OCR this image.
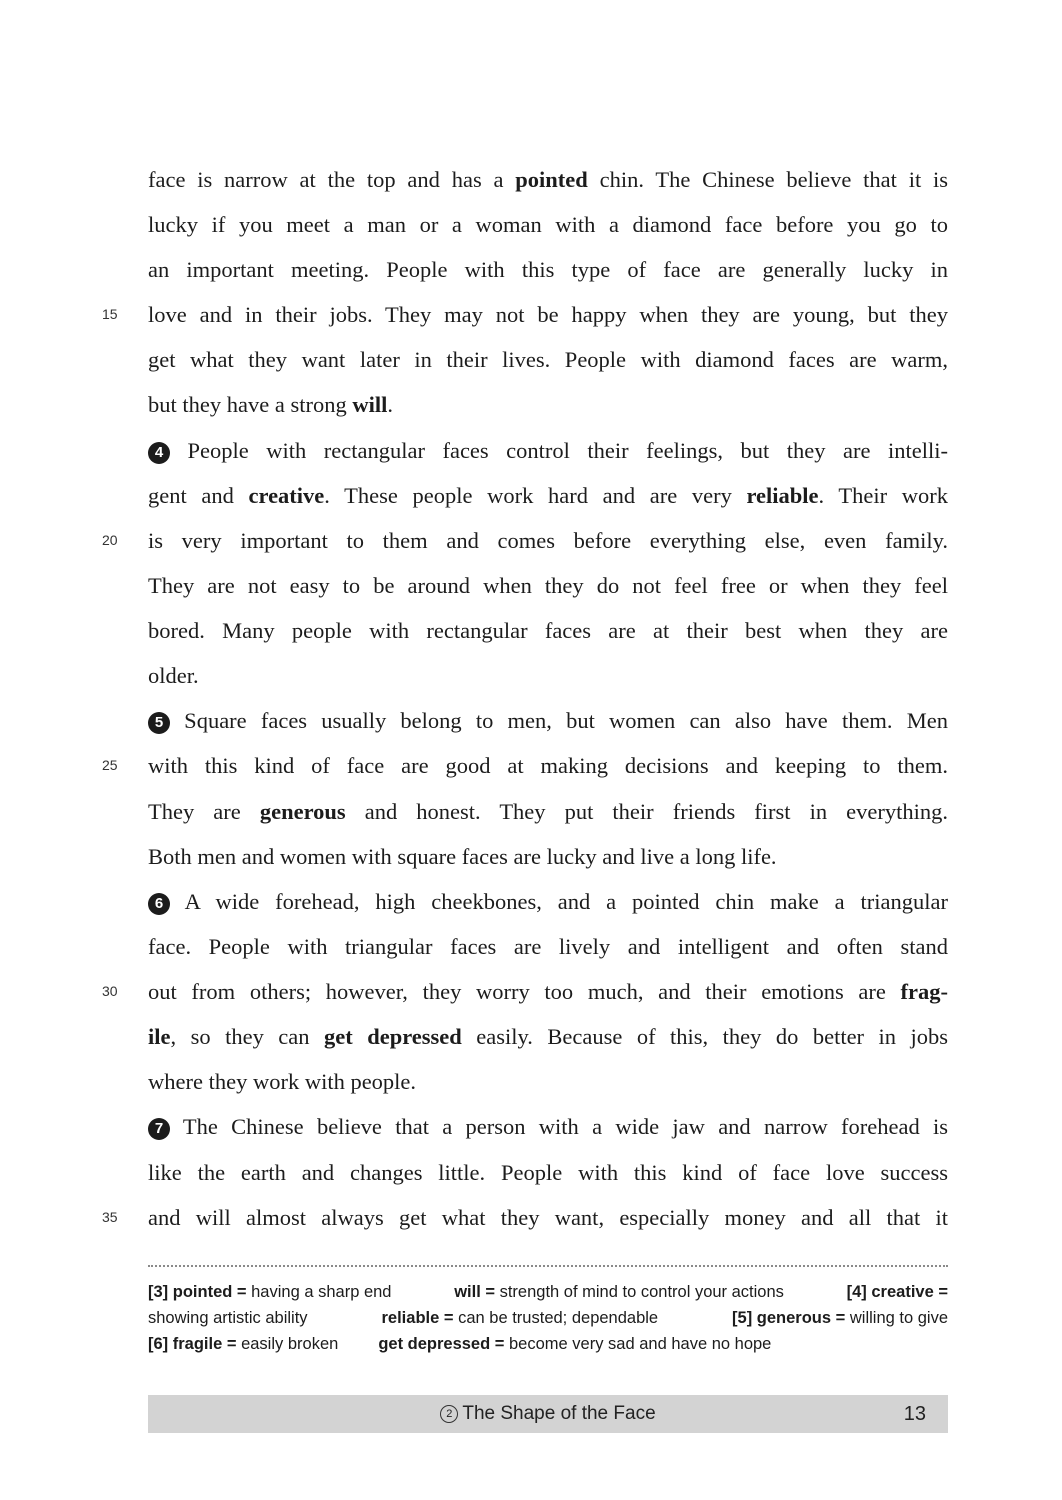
15
20
25
30
35
face is narrow at the top and has a pointed chin. The Chinese believe that it is
lucky if you meet a man or a woman with a diamond face before you go to
an important meeting. People with this type of face are generally lucky in
love and in their jobs. They may not be happy when they are young, but they
get what they want later in their lives. People with diamond faces are warm,
but they have a strong will.
4 People with rectangular faces control their feelings, but they are intelli-
gent and creative. These people work hard and are very reliable. Their work
is very important to them and comes before everything else, even family.
They are not easy to be around when they do not feel free or when they feel
bored. Many people with rectangular faces are at their best when they are
older.
5 Square faces usually belong to men, but women can also have them. Men
with this kind of face are good at making decisions and keeping to them.
They are generous and honest. They put their friends first in everything.
Both men and women with square faces are lucky and live a long life.
6 A wide forehead, high cheekbones, and a pointed chin make a triangular
face. People with triangular faces are lively and intelligent and often stand
out from others; however, they worry too much, and their emotions are frag-
ile, so they can get depressed easily. Because of this, they do better in jobs
where they work with people.
7 The Chinese believe that a person with a wide jaw and narrow forehead is
like the earth and changes little. People with this kind of face love success
and will almost always get what they want, especially money and all that it
[3] pointed = having a sharp end	will = strength of mind to control your actions	[4] creative =
showing artistic ability	reliable = can be trusted; dependable	[5] generous = willing to give
[6] fragile = easily broken get depressed = become very sad and have no hope
2 The Shape of the Face	13
